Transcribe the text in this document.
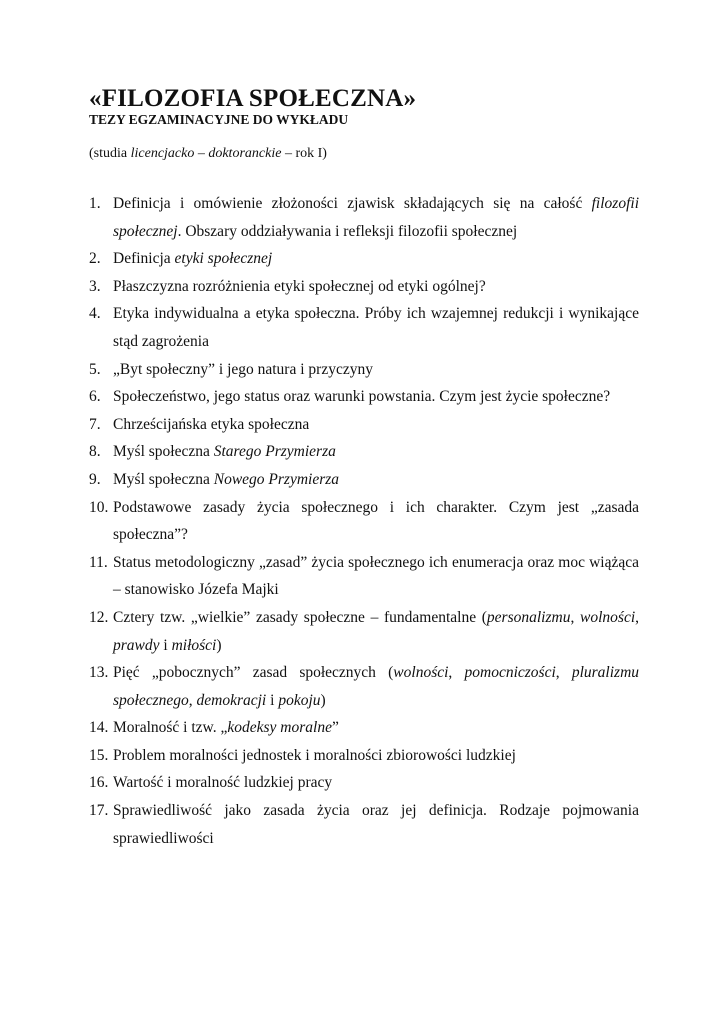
«FILOZOFIA SPOŁECZNA»
TEZY EGZAMINACYJNE DO WYKŁADU

(studia licencjacko – doktoranckie – rok I)

1. Definicja i omówienie złożoności zjawisk składających się na całość filozofii społecznej. Obszary oddziaływania i refleksji filozofii społecznej
2. Definicja etyki społecznej
3. Płaszczyzna rozróżnienia etyki społecznej od etyki ogólnej?
4. Etyka indywidualna a etyka społeczna. Próby ich wzajemnej redukcji i wynikające stąd zagrożenia
5. „Byt społeczny” i jego natura i przyczyny
6. Społeczeństwo, jego status oraz warunki powstania. Czym jest życie społeczne?
7. Chrześcijańska etyka społeczna
8. Myśl społeczna Starego Przymierza
9. Myśl społeczna Nowego Przymierza
10. Podstawowe zasady życia społecznego i ich charakter. Czym jest „zasada społeczna”?
11. Status metodologiczny „zasad” życia społecznego ich enumeracja oraz moc wiążąca – stanowisko Józefa Majki
12. Cztery tzw. „wielkie” zasady społeczne – fundamentalne (personalizmu, wolności, prawdy i miłości)
13. Pięć „pobocznych” zasad społecznych (wolności, pomocniczości, pluralizmu społecznego, demokracji i pokoju)
14. Moralność i tzw. „kodeksy moralne”
15. Problem moralności jednostek i moralności zbiorowości ludzkiej
16. Wartość i moralność ludzkiej pracy
17. Sprawiedliwość jako zasada życia oraz jej definicja. Rodzaje pojmowania sprawiedliwości
